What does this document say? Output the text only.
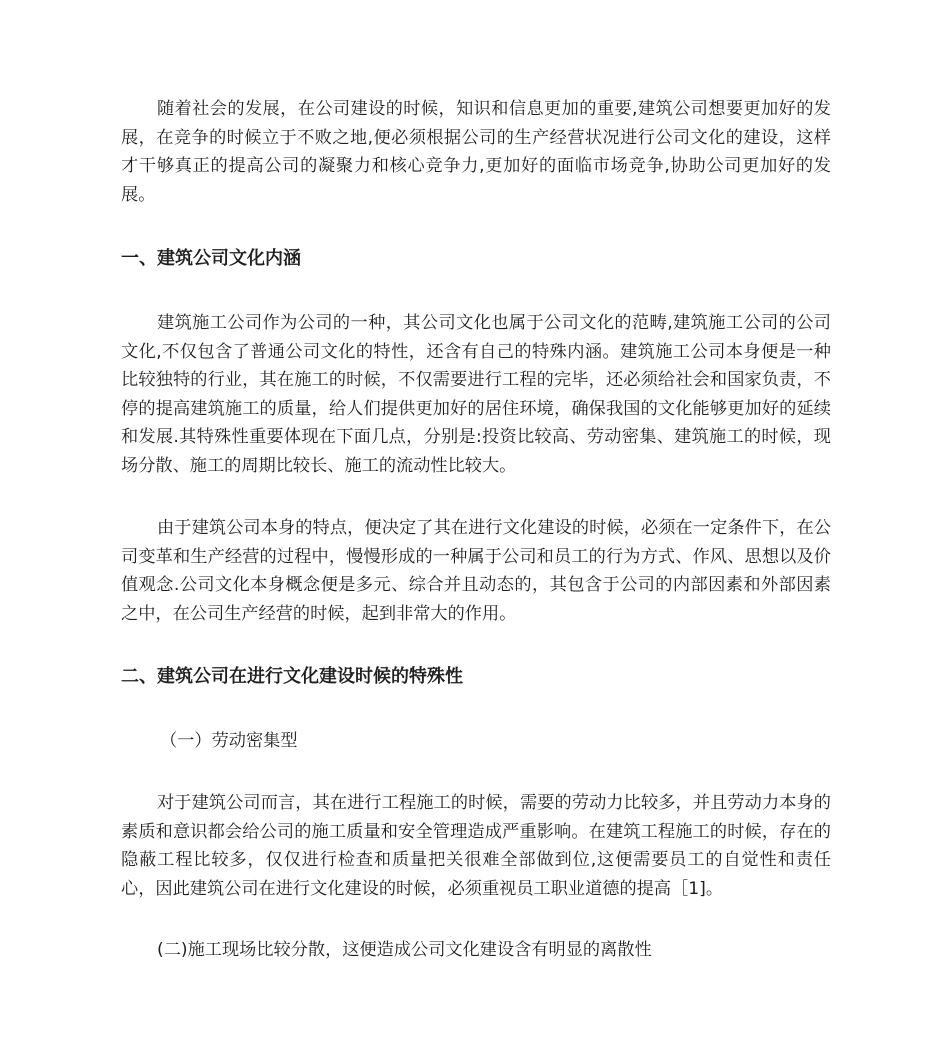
随着社会的发展，在公司建设的时候，知识和信息更加的重要,建筑公司想要更加好的发展，在竞争的时候立于不败之地,便必须根据公司的生产经营状况进行公司文化的建设，这样才干够真正的提高公司的凝聚力和核心竞争力,更加好的面临市场竞争,协助公司更加好的发展。

一、建筑公司文化内涵

建筑施工公司作为公司的一种，其公司文化也属于公司文化的范畴,建筑施工公司的公司文化,不仅包含了普通公司文化的特性，还含有自己的特殊内涵。建筑施工公司本身便是一种比较独特的行业，其在施工的时候，不仅需要进行工程的完毕，还必须给社会和国家负责，不停的提高建筑施工的质量，给人们提供更加好的居住环境，确保我国的文化能够更加好的延续和发展.其特殊性重要体现在下面几点，分别是:投资比较高、劳动密集、建筑施工的时候，现场分散、施工的周期比较长、施工的流动性比较大。

由于建筑公司本身的特点，便决定了其在进行文化建设的时候，必须在一定条件下，在公司变革和生产经营的过程中，慢慢形成的一种属于公司和员工的行为方式、作风、思想以及价值观念.公司文化本身概念便是多元、综合并且动态的，其包含于公司的内部因素和外部因素之中，在公司生产经营的时候，起到非常大的作用。

二、建筑公司在进行文化建设时候的特殊性

（一）劳动密集型

对于建筑公司而言，其在进行工程施工的时候，需要的劳动力比较多，并且劳动力本身的素质和意识都会给公司的施工质量和安全管理造成严重影响。在建筑工程施工的时候，存在的隐蔽工程比较多，仅仅进行检查和质量把关很难全部做到位,这便需要员工的自觉性和责任心，因此建筑公司在进行文化建设的时候，必须重视员工职业道德的提高［1]。

(二)施工现场比较分散，这便造成公司文化建设含有明显的离散性
